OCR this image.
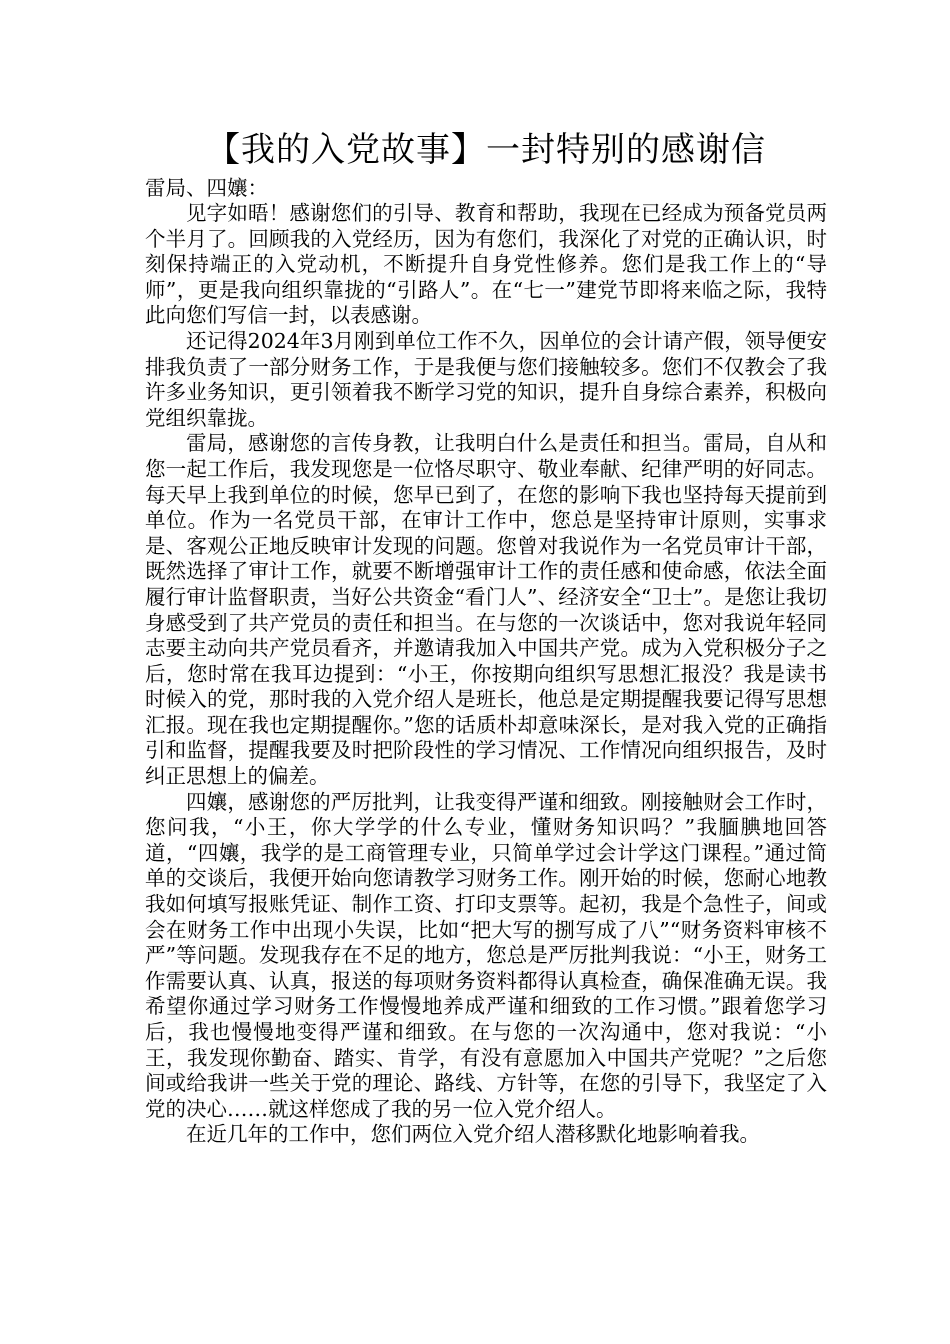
【我的入党故事】一封特别的感谢信

雷局、四孃：

见字如晤！感谢您们的引导、教育和帮助，我现在已经成为预备党员两个半月了。回顾我的入党经历，因为有您们，我深化了对党的正确认识，时刻保持端正的入党动机，不断提升自身党性修养。您们是我工作上的“导师”，更是我向组织靠拢的“引路人”。在“七一”建党节即将来临之际，我特此向您们写信一封，以表感谢。

还记得2024年3月刚到单位工作不久，因单位的会计请产假，领导便安排我负责了一部分财务工作，于是我便与您们接触较多。您们不仅教会了我许多业务知识，更引领着我不断学习党的知识，提升自身综合素养，积极向党组织靠拢。

雷局，感谢您的言传身教，让我明白什么是责任和担当。雷局，自从和您一起工作后，我发现您是一位恪尽职守、敬业奉献、纪律严明的好同志。每天早上我到单位的时候，您早已到了，在您的影响下我也坚持每天提前到单位。作为一名党员干部，在审计工作中，您总是坚持审计原则，实事求是、客观公正地反映审计发现的问题。您曾对我说作为一名党员审计干部，既然选择了审计工作，就要不断增强审计工作的责任感和使命感，依法全面履行审计监督职责，当好公共资金“看门人”、经济安全“卫士”。是您让我切身感受到了共产党员的责任和担当。在与您的一次谈话中，您对我说年轻同志要主动向共产党员看齐，并邀请我加入中国共产党。成为入党积极分子之后，您时常在我耳边提到：“小王，你按期向组织写思想汇报没？我是读书时候入的党，那时我的入党介绍人是班长，他总是定期提醒我要记得写思想汇报。现在我也定期提醒你。”您的话质朴却意味深长，是对我入党的正确指引和监督，提醒我要及时把阶段性的学习情况、工作情况向组织报告，及时纠正思想上的偏差。

四孃，感谢您的严厉批判，让我变得严谨和细致。刚接触财会工作时，您问我，“小王，你大学学的什么专业，懂财务知识吗？”我腼腆地回答道，“四孃，我学的是工商管理专业，只简单学过会计学这门课程。”通过简单的交谈后，我便开始向您请教学习财务工作。刚开始的时候，您耐心地教我如何填写报账凭证、制作工资、打印支票等。起初，我是个急性子，间或会在财务工作中出现小失误，比如“把大写的捌写成了八”“财务资料审核不严”等问题。发现我存在不足的地方，您总是严厉批判我说：“小王，财务工作需要认真、认真，报送的每项财务资料都得认真检查，确保准确无误。我希望你通过学习财务工作慢慢地养成严谨和细致的工作习惯。”跟着您学习后，我也慢慢地变得严谨和细致。在与您的一次沟通中，您对我说：“小王，我发现你勤奋、踏实、肯学，有没有意愿加入中国共产党呢？”之后您间或给我讲一些关于党的理论、路线、方针等，在您的引导下，我坚定了入党的决心……就这样您成了我的另一位入党介绍人。

在近几年的工作中，您们两位入党介绍人潜移默化地影响着我。
